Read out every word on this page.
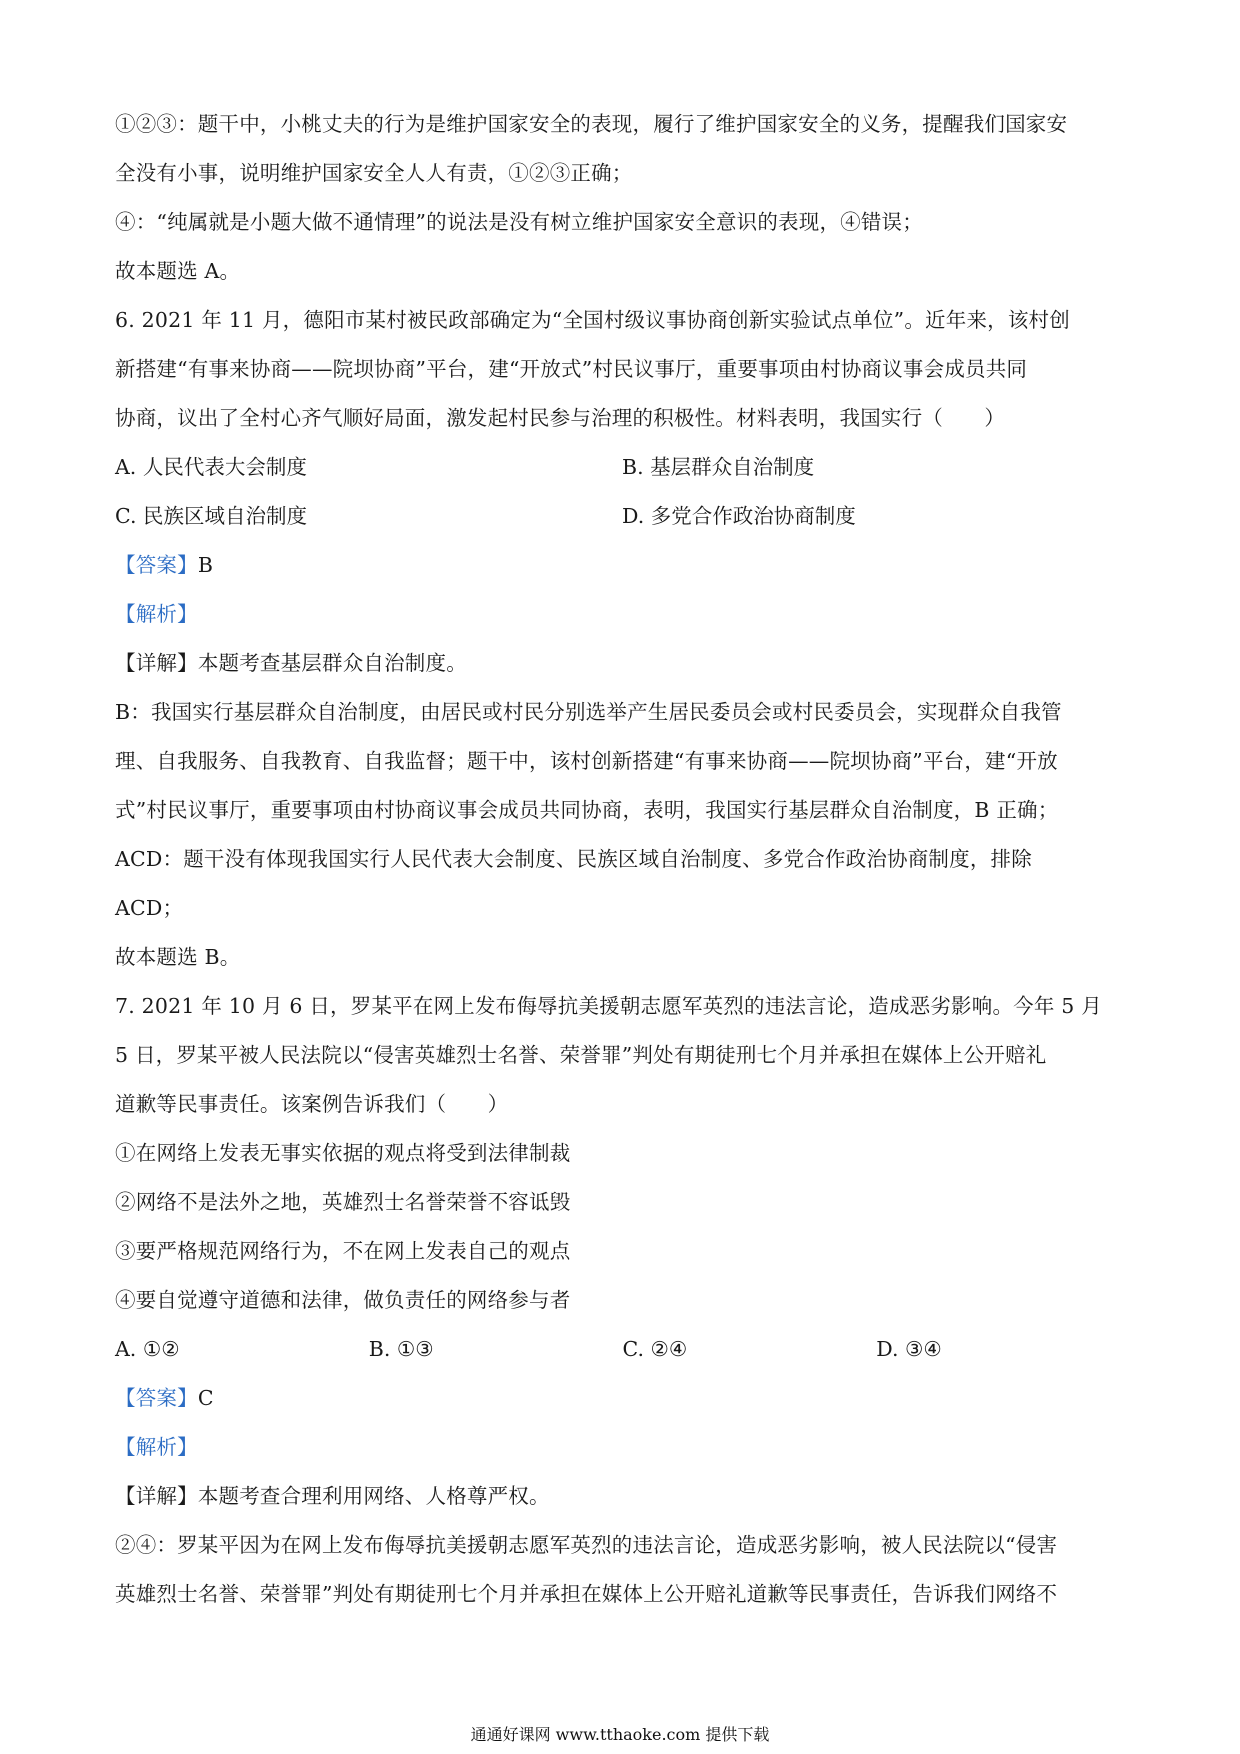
①②③：题干中，小桃丈夫的行为是维护国家安全的表现，履行了维护国家安全的义务，提醒我们国家安
全没有小事，说明维护国家安全人人有责，①②③正确；
④：“纯属就是小题大做不通情理”的说法是没有树立维护国家安全意识的表现，④错误；
故本题选 A。
6. 2021 年 11 月，德阳市某村被民政部确定为“全国村级议事协商创新实验试点单位”。近年来，该村创
新搭建“有事来协商——院坝协商”平台，建“开放式”村民议事厅，重要事项由村协商议事会成员共同
协商，议出了全村心齐气顺好局面，激发起村民参与治理的积极性。材料表明，我国实行（　　）
A. 人民代表大会制度	B. 基层群众自治制度
C. 民族区域自治制度	D. 多党合作政治协商制度
【答案】B
【解析】
【详解】本题考查基层群众自治制度。
B：我国实行基层群众自治制度，由居民或村民分别选举产生居民委员会或村民委员会，实现群众自我管
理、自我服务、自我教育、自我监督；题干中，该村创新搭建“有事来协商——院坝协商”平台，建“开放
式”村民议事厅，重要事项由村协商议事会成员共同协商，表明，我国实行基层群众自治制度，B 正确；
ACD：题干没有体现我国实行人民代表大会制度、民族区域自治制度、多党合作政治协商制度，排除
ACD；
故本题选 B。
7. 2021 年 10 月 6 日，罗某平在网上发布侮辱抗美援朝志愿军英烈的违法言论，造成恶劣影响。今年 5 月
5 日，罗某平被人民法院以“侵害英雄烈士名誉、荣誉罪”判处有期徒刑七个月并承担在媒体上公开赔礼
道歉等民事责任。该案例告诉我们（　　）
①在网络上发表无事实依据的观点将受到法律制裁
②网络不是法外之地，英雄烈士名誉荣誉不容诋毁
③要严格规范网络行为，不在网上发表自己的观点
④要自觉遵守道德和法律，做负责任的网络参与者
A. ①②	B. ①③	C. ②④	D. ③④
【答案】C
【解析】
【详解】本题考查合理利用网络、人格尊严权。
②④：罗某平因为在网上发布侮辱抗美援朝志愿军英烈的违法言论，造成恶劣影响，被人民法院以“侵害
英雄烈士名誉、荣誉罪”判处有期徒刑七个月并承担在媒体上公开赔礼道歉等民事责任，告诉我们网络不
通通好课网 www.tthaoke.com 提供下载
